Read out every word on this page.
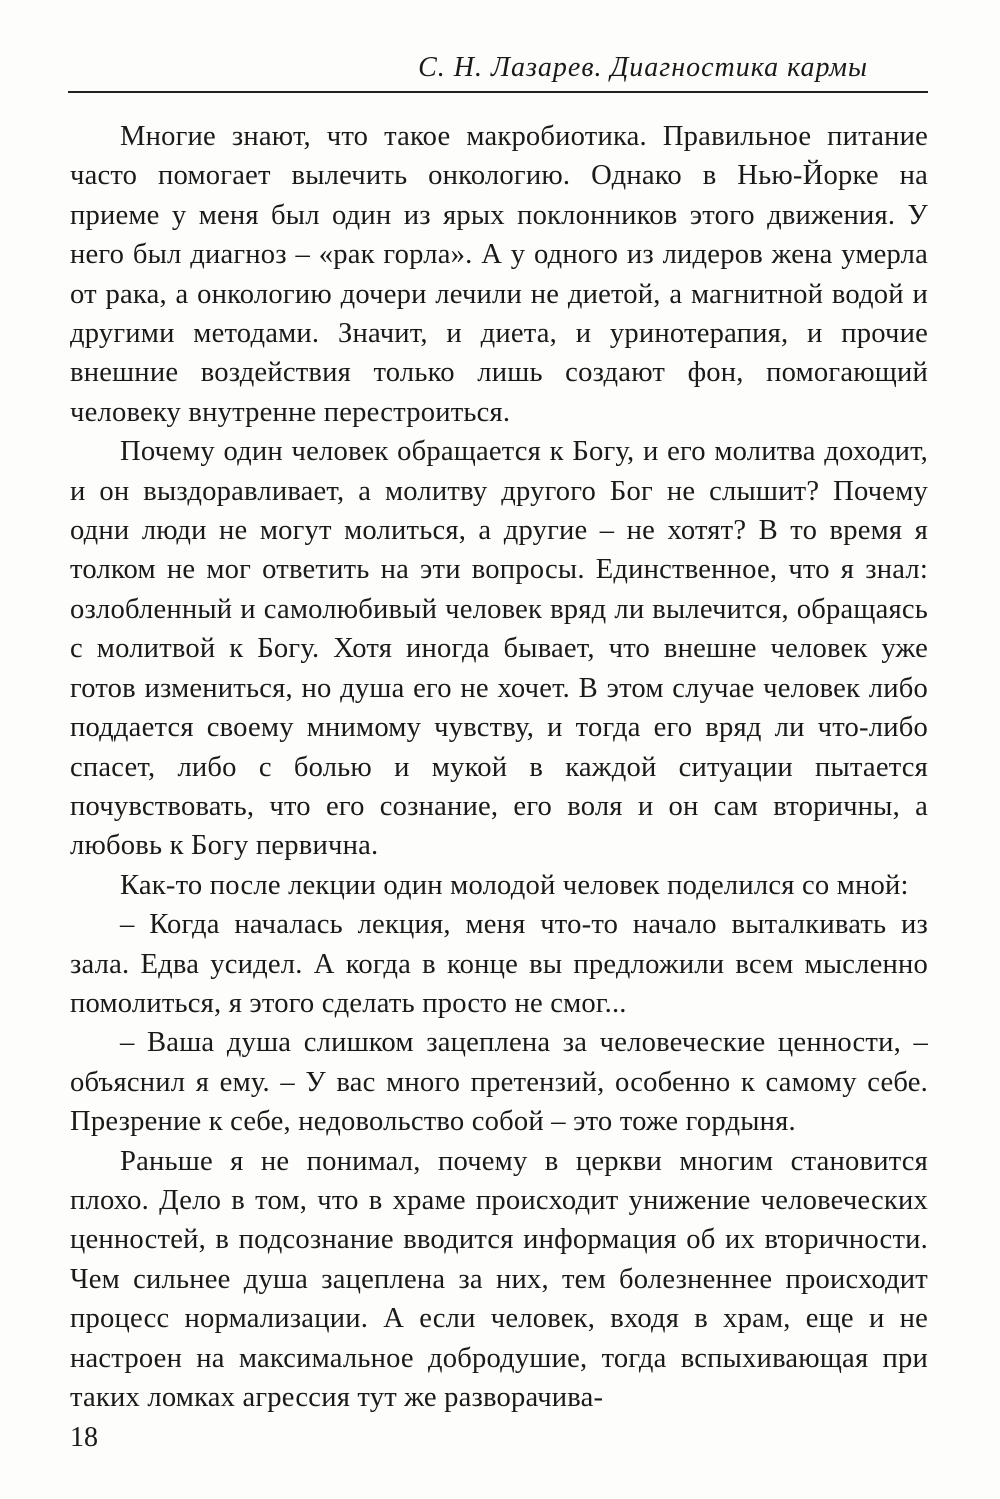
С. Н. Лазарев. Диагностика кармы

Многие знают, что такое макробиотика. Правильное питание часто помогает вылечить онкологию. Однако в Нью-Йорке на приеме у меня был один из ярых поклонников этого движения. У него был диагноз – «рак горла». А у одного из лидеров жена умерла от рака, а онкологию дочери лечили не диетой, а магнитной водой и другими методами. Значит, и диета, и уринотерапия, и прочие внешние воздействия только лишь создают фон, помогающий человеку внутренне перестроиться.

Почему один человек обращается к Богу, и его молитва доходит, и он выздоравливает, а молитву другого Бог не слышит? Почему одни люди не могут молиться, а другие – не хотят? В то время я толком не мог ответить на эти вопросы. Единственное, что я знал: озлобленный и самолюбивый человек вряд ли вылечится, обращаясь с молитвой к Богу. Хотя иногда бывает, что внешне человек уже готов измениться, но душа его не хочет. В этом случае человек либо поддается своему мнимому чувству, и тогда его вряд ли что-либо спасет, либо с болью и мукой в каждой ситуации пытается почувствовать, что его сознание, его воля и он сам вторичны, а любовь к Богу первична.

Как-то после лекции один молодой человек поделился со мной:

– Когда началась лекция, меня что-то начало выталкивать из зала. Едва усидел. А когда в конце вы предложили всем мысленно помолиться, я этого сделать просто не смог...

– Ваша душа слишком зацеплена за человеческие ценности, – объяснил я ему. – У вас много претензий, особенно к самому себе. Презрение к себе, недовольство собой – это тоже гордыня.

Раньше я не понимал, почему в церкви многим становится плохо. Дело в том, что в храме происходит унижение человеческих ценностей, в подсознание вводится информация об их вторичности. Чем сильнее душа зацеплена за них, тем болезненнее происходит процесс нормализации. А если человек, входя в храм, еще и не настроен на максимальное добродушие, тогда вспыхивающая при таких ломках агрессия тут же разворачива-

18
